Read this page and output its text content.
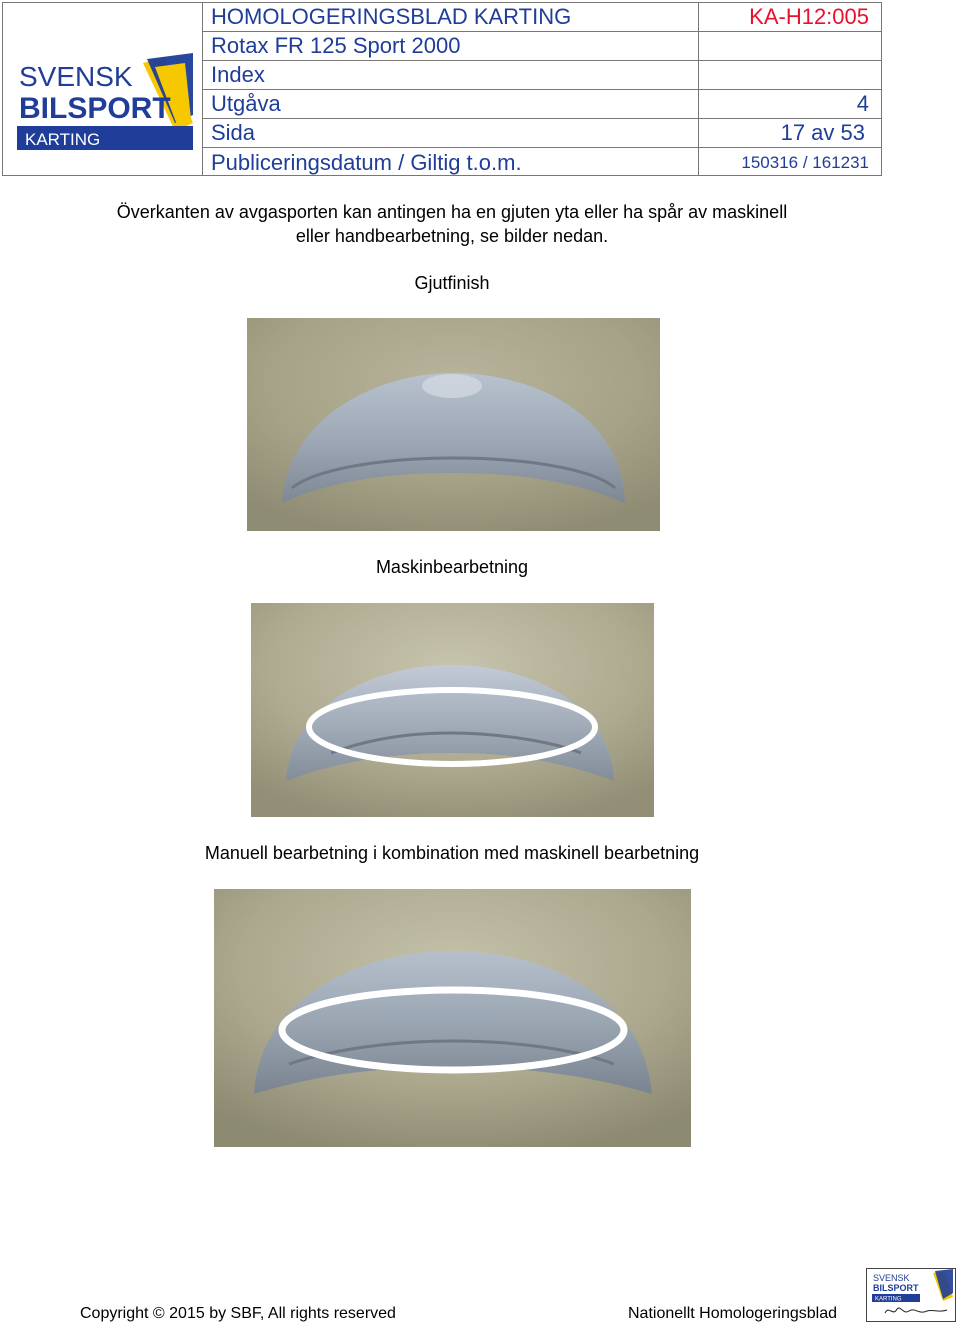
SVENSK
BILSPORT
KARTING
HOMOLOGERINGSBLAD KARTING	KA-H12:005
Rotax FR 125 Sport 2000
Index
Utgåva	4
Sida	17 av 53
Publiceringsdatum / Giltig t.o.m.	150316 / 161231
Överkanten av avgasporten kan antingen ha en gjuten yta eller ha spår av maskinell
eller handbearbetning, se bilder nedan.
Gjutfinish
Maskinbearbetning
Manuell bearbetning i kombination med maskinell bearbetning
Copyright © 2015 by SBF, All rights reserved	Nationellt Homologeringsblad
SVENSK
BILSPORT
KARTING
